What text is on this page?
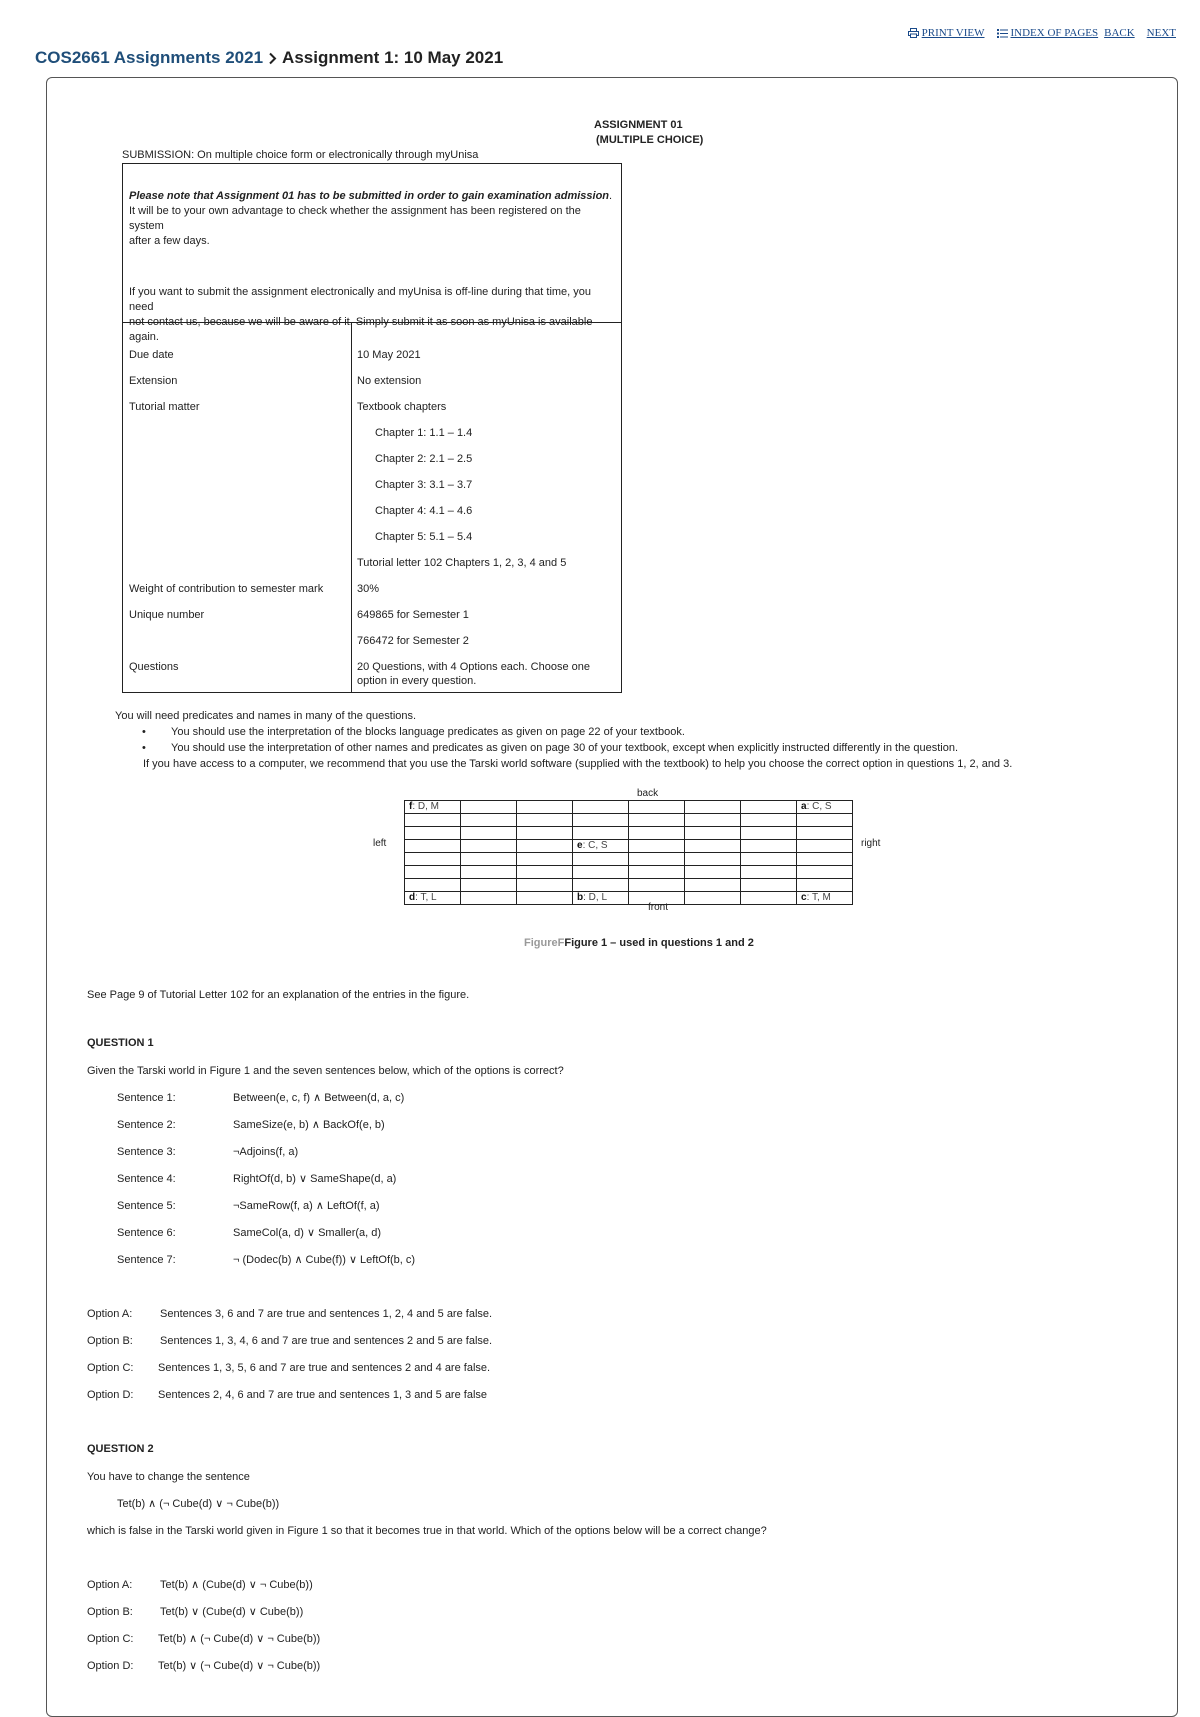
PRINT VIEW INDEX OF PAGES BACK NEXT
COS2661 Assignments 2021 Assignment 1: 10 May 2021
ASSIGNMENT 01
(MULTIPLE CHOICE)
SUBMISSION: On multiple choice form or electronically through myUnisa

Please note that Assignment 01 has to be submitted in order to gain examination admission.

It will be to your own advantage to check whether the assignment has been registered on the system

after a few days.

If you want to submit the assignment electronically and myUnisa is off-line during that time, you need

not contact us, because we will be aware of it. Simply submit it as soon as myUnisa is available

again.

Due date	10 May 2021
Extension	No extension
Tutorial matter	Textbook chapters
Chapter 1: 1.1 – 1.4
Chapter 2: 2.1 – 2.5
Chapter 3: 3.1 – 3.7
Chapter 4: 4.1 – 4.6
Chapter 5: 5.1 – 5.4
Tutorial letter 102 Chapters 1, 2, 3, 4 and 5
Weight of contribution to semester mark	30%
Unique number	649865 for Semester 1
766472 for Semester 2
Questions	20 Questions, with 4 Options each. Choose one option in every question.
You will need predicates and names in many of the questions.
• You should use the interpretation of the blocks language predicates as given on page 22 of your textbook.
• You should use the interpretation of other names and predicates as given on page 30 of your textbook, except when explicitly instructed differently in the question.
If you have access to a computer, we recommend that you use the Tarski world software (supplied with the textbook) to help you choose the correct option in questions 1, 2, and 3.
back
left	right
f: D, M							a: C, S

			e: C, S				

d: T, L			b: D, L				c: T, M
front
FigureFFigure 1 – used in questions 1 and 2
See Page 9 of Tutorial Letter 102 for an explanation of the entries in the figure.
QUESTION 1
Given the Tarski world in Figure 1 and the seven sentences below, which of the options is correct?
Sentence 1:	Between(e, c, f) ∧ Between(d, a, c)
Sentence 2:	SameSize(e, b) ∧ BackOf(e, b)
Sentence 3:	¬Adjoins(f, a)
Sentence 4:	RightOf(d, b) ∨ SameShape(d, a)
Sentence 5:	¬SameRow(f, a) ∧ LeftOf(f, a)
Sentence 6:	SameCol(a, d) ∨ Smaller(a, d)
Sentence 7:	¬ (Dodec(b) ∧ Cube(f)) ∨ LeftOf(b, c)
Option A:	Sentences 3, 6 and 7 are true and sentences 1, 2, 4 and 5 are false.
Option B: Sentences 1, 3, 4, 6 and 7 are true and sentences 2 and 5 are false.
Option C: Sentences 1, 3, 5, 6 and 7 are true and sentences 2 and 4 are false.
Option D: Sentences 2, 4, 6 and 7 are true and sentences 1, 3 and 5 are false
QUESTION 2
You have to change the sentence
Tet(b) ∧ (¬ Cube(d) ∨ ¬ Cube(b))
which is false in the Tarski world given in Figure 1 so that it becomes true in that world. Which of the options below will be a correct change?
Option A:	Tet(b) ∧ (Cube(d) ∨ ¬ Cube(b))
Option B: Tet(b) ∨ (Cube(d) ∨ Cube(b))
Option C: Tet(b) ∧ (¬ Cube(d) ∨ ¬ Cube(b))
Option D: Tet(b) ∨ (¬ Cube(d) ∨ ¬ Cube(b))
